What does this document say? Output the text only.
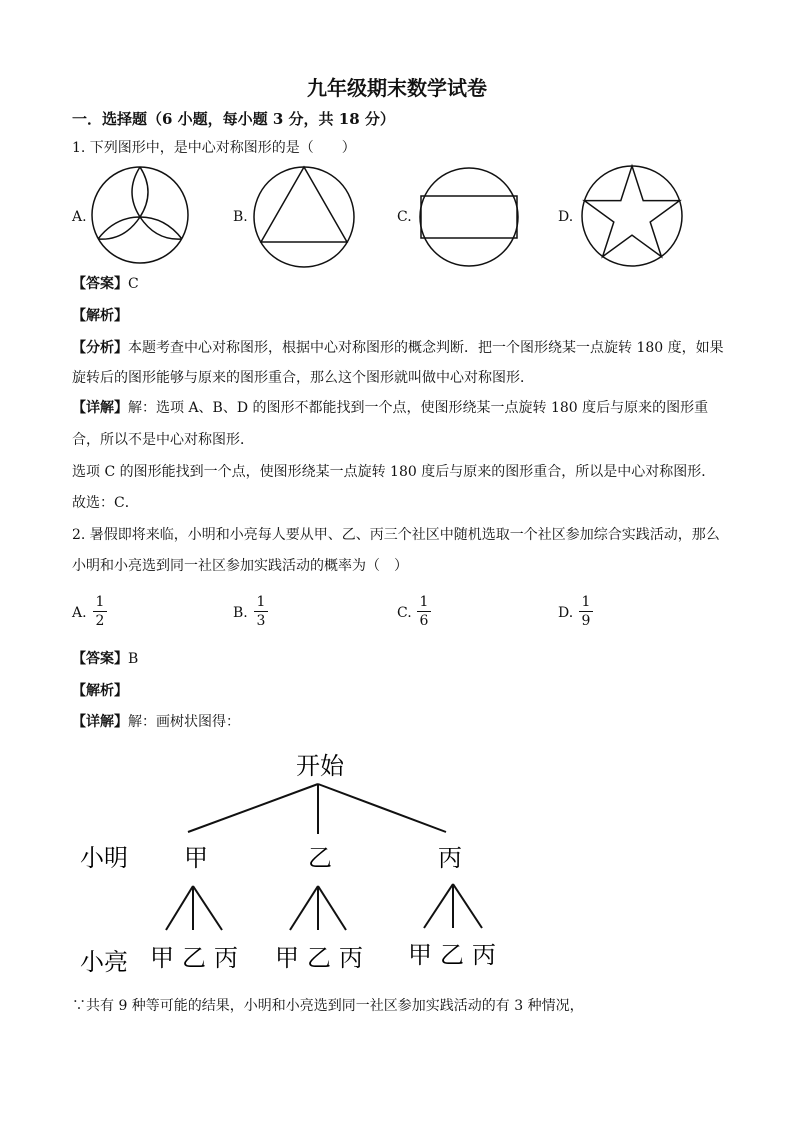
九年级期末数学试卷
一．选择题（6 小题，每小题 3 分，共 18 分）
1. 下列图形中，是中心对称图形的是（　　）
A.	B.	C.	D.
【答案】C
【解析】
【分析】本题考查中心对称图形，根据中心对称图形的概念判断．把一个图形绕某一点旋转 180 度，如果
旋转后的图形能够与原来的图形重合，那么这个图形就叫做中心对称图形．
【详解】解：选项 A、B、D 的图形不都能找到一个点，使图形绕某一点旋转 180 度后与原来的图形重
合，所以不是中心对称图形．
选项 C 的图形能找到一个点，使图形绕某一点旋转 180 度后与原来的图形重合，所以是中心对称图形．
故选：C．
2. 暑假即将来临，小明和小亮每人要从甲、乙、丙三个社区中随机选取一个社区参加综合实践活动，那么
小明和小亮选到同一社区参加实践活动的概率为（　）
A. $\frac{1}{2}$	B. $\frac{1}{3}$	C. $\frac{1}{6}$	D. $\frac{1}{9}$
【答案】B
【解析】
【详解】解：画树状图得：
开始
小明
小亮
甲	乙	丙
甲 乙 丙 甲 乙 丙 甲 乙 丙
∵共有 9 种等可能的结果，小明和小亮选到同一社区参加实践活动的有 3 种情况，
